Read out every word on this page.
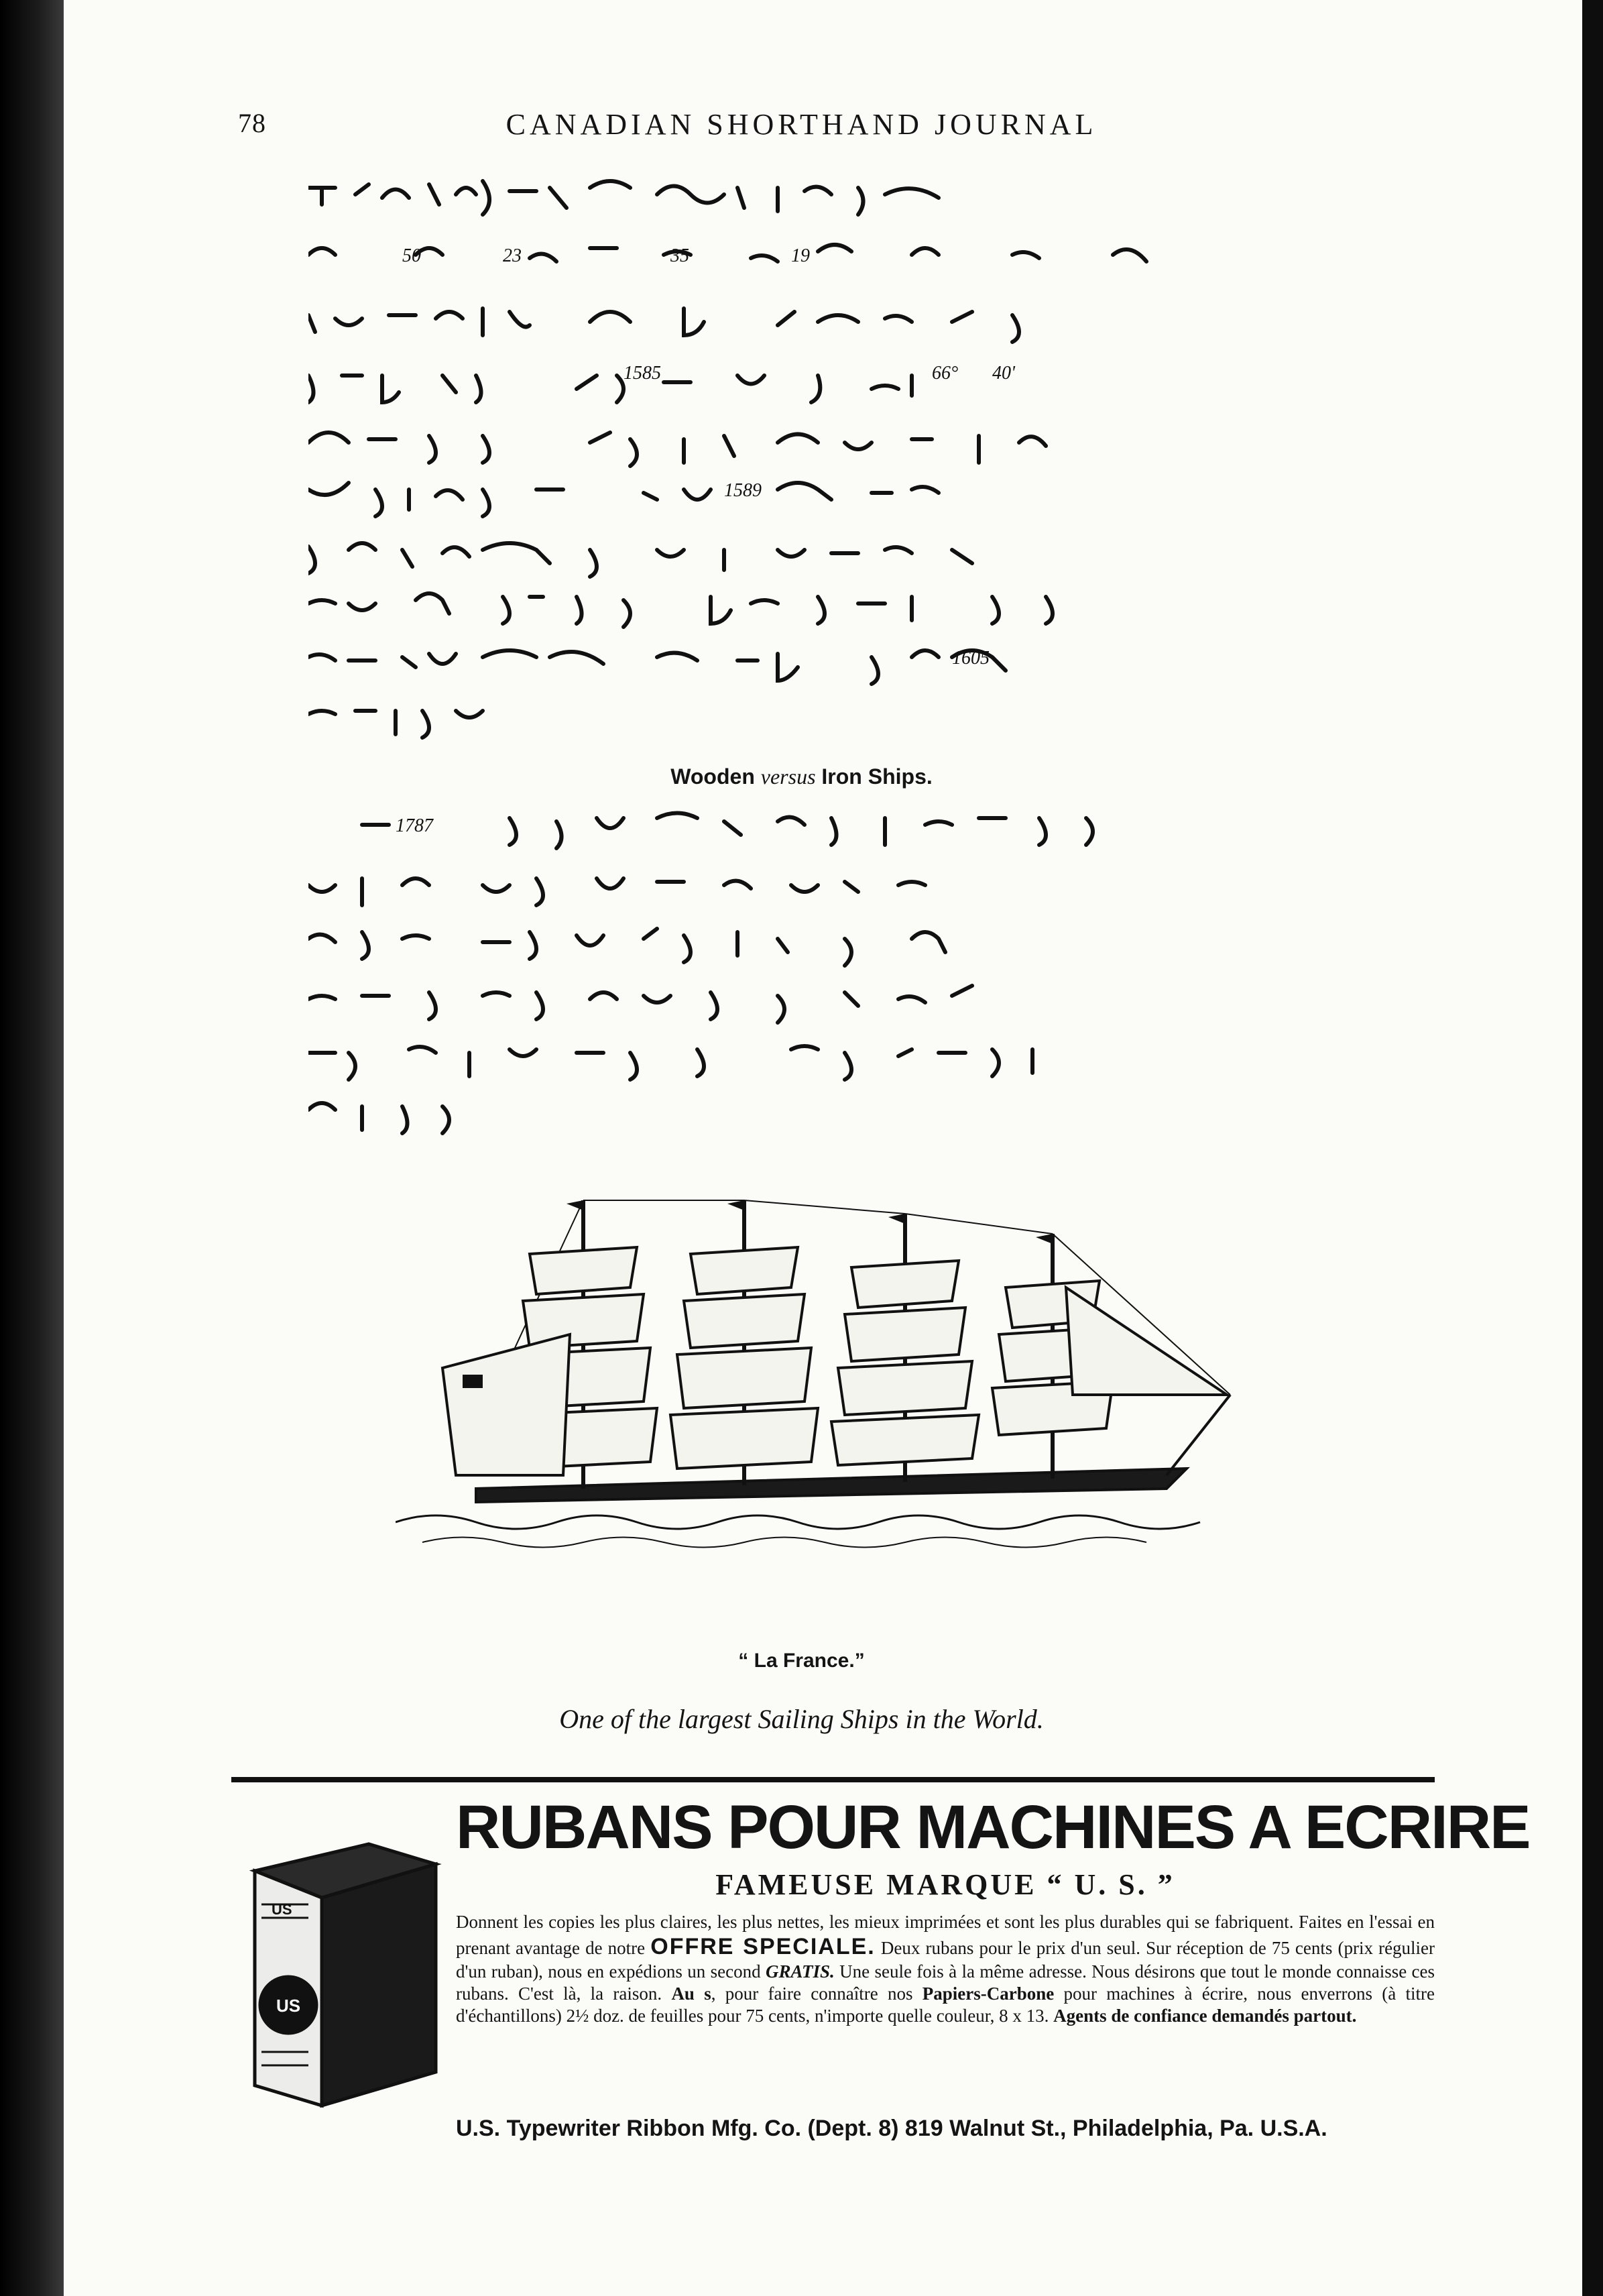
78	CANADIAN SHORTHAND JOURNAL
50	23	35	19
1585	66° 40'
1589
1605
Wooden versus Iron Ships.
1787
“ La France.”
One of the largest Sailing Ships in the World.
US
US
RUBANS POUR MACHINES A ECRIRE
FAMEUSE MARQUE “ U. S. ”
Donnent les copies les plus claires, les plus nettes, les mieux imprimées et sont les plus durables qui se fabriquent. Faites en l'essai en prenant avantage de notre OFFRE SPECIALE. Deux rubans pour le prix d'un seul. Sur réception de 75 cents (prix régulier d'un ruban), nous en expédions un second GRATIS. Une seule fois à la même adresse. Nous désirons que tout le monde connaisse ces rubans. C'est là, la raison. Au s, pour faire connaître nos Papiers-Carbone pour machines à écrire, nous enverrons (à titre d'échantillons) 2½ doz. de feuilles pour 75 cents, n'importe quelle couleur, 8 x 13. Agents de confiance demandés partout.
U.S. Typewriter Ribbon Mfg. Co. (Dept. 8) 819 Walnut St., Philadelphia, Pa. U.S.A.
